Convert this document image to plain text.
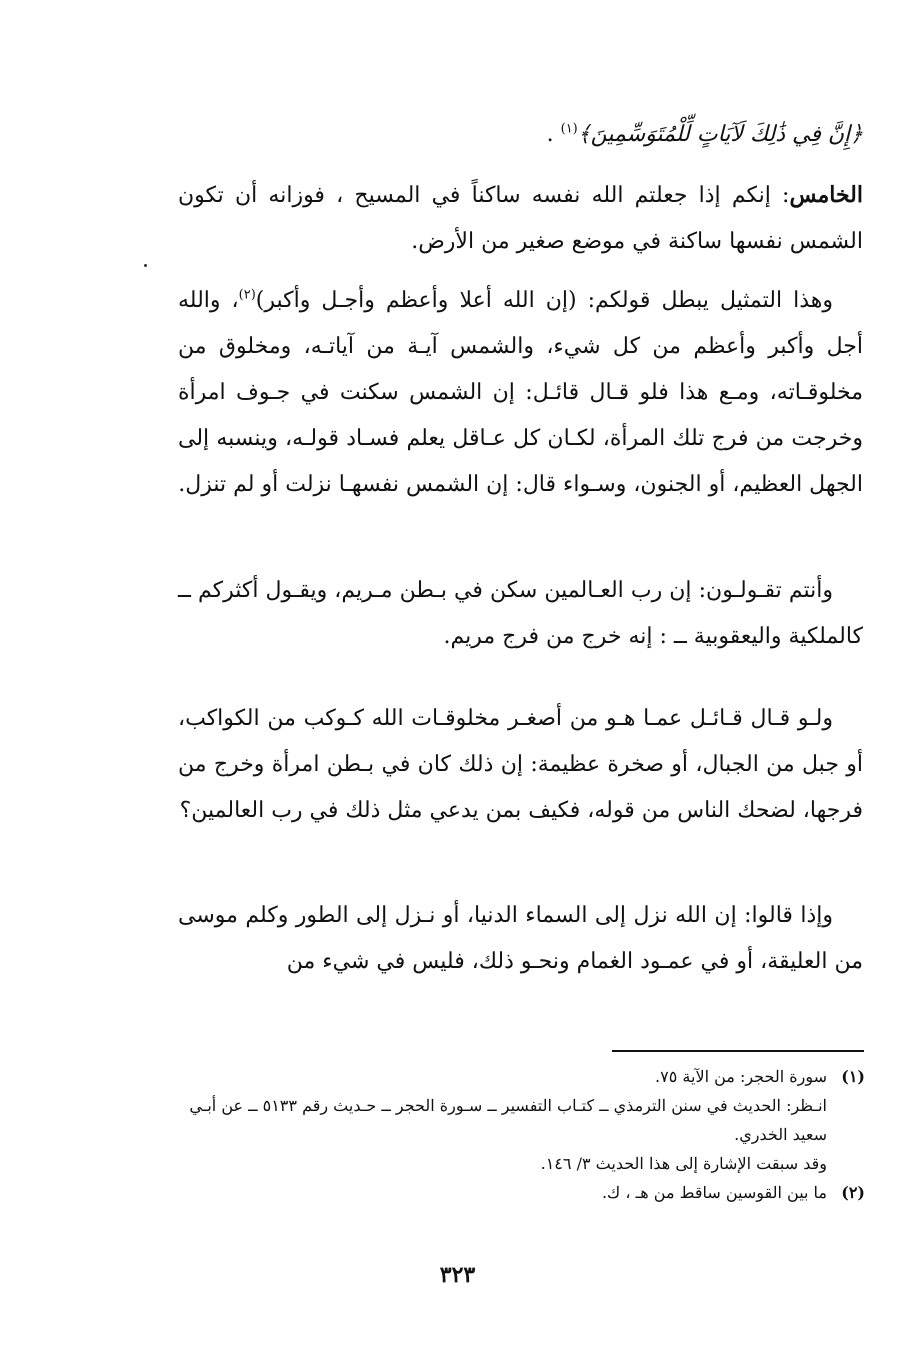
﴿إِنَّ فِي ذَٰلِكَ لَآيَاتٍ لِّلْمُتَوَسِّمِينَ﴾$^{(١)}$ .
الخامس: إنكم إذا جعلتم الله نفسه ساكناً في المسيح ، فوزانه أن تكون الشمس نفسها ساكنة في موضع صغير من الأرض.
وهذا التمثيل يبطل قولكم: (إن الله أعلا وأعظم وأجـل وأكبر)$^{(٢)}$، والله أجل وأكبر وأعظم من كل شيء، والشمس آيـة من آياتـه، ومخلوق من مخلوقـاته، ومـع هذا فلو قـال قائـل: إن الشمس سكنت في جـوف امرأة وخرجت من فرج تلك المرأة، لكـان كل عـاقل يعلم فسـاد قولـه، وينسبه إلى الجهل العظيم، أو الجنون، وسـواء قال: إن الشمس نفسهـا نزلت أو لم تنزل.
وأنتم تقـولـون: إن رب العـالمين سكن في بـطن مـريم، ويقـول أكثركم ــ كالملكية واليعقوبية ــ : إنه خرج من فرج مريم.
ولـو قـال قـائـل عمـا هـو من أصغـر مخلوقـات الله كـوكب من الكواكب، أو جبل من الجبال، أو صخرة عظيمة: إن ذلك كان في بـطن امرأة وخرج من فرجها، لضحك الناس من قوله، فكيف بمن يدعي مثل ذلك في رب العالمين؟
وإذا قالوا: إن الله نزل إلى السماء الدنيا، أو نـزل إلى الطور وكلم موسى من العليقة، أو في عمـود الغمام ونحـو ذلك، فليس في شيء من
(١)سورة الحجر: من الآية ٧٥.
انـظر: الحديث في سنن الترمذي ــ كتـاب التفسير ــ سـورة الحجر ــ حـديث رقم ٥١٣٣ ــ عن أبـي سعيد الخدري.
وقد سبقت الإشارة إلى هذا الحديث ٣/ ١٤٦.
(٢)ما بين القوسين ساقط من هـ ، ك.
٣٢٣
